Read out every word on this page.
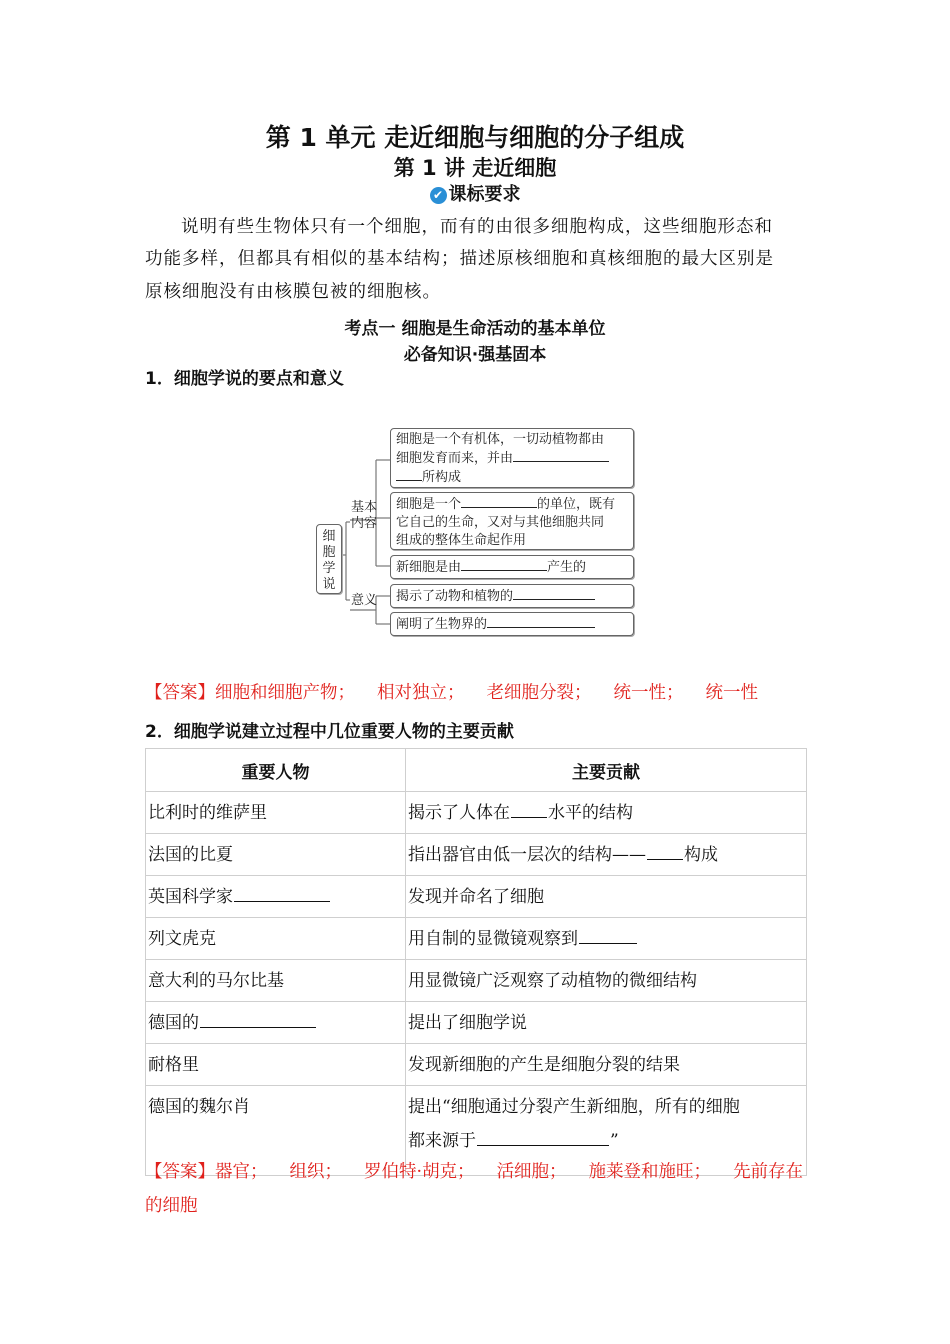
第 1 单元 走近细胞与细胞的分子组成
第 1 讲 走近细胞
✔ 课标要求
说明有些生物体只有一个细胞，而有的由很多细胞构成，这些细胞形态和
功能多样，但都具有相似的基本结构；描述原核细胞和真核细胞的最大区别是
原核细胞没有由核膜包被的细胞核。
考点一 细胞是生命活动的基本单位
必备知识·强基固本
1．细胞学说的要点和意义
细胞学说
基本内容
意义
细胞是一个有机体，一切动植物都由
细胞发育而来，并由
所构成
细胞是一个	的单位，既有
它自己的生命，又对与其他细胞共同
组成的整体生命起作用
新细胞是由	产生的
揭示了动物和植物的
阐明了生物界的
【答案】细胞和细胞产物； 相对独立； 老细胞分裂； 统一性； 统一性
2．细胞学说建立过程中几位重要人物的主要贡献
重要人物	主要贡献
比利时的维萨里	揭示了人体在 水平的结构
法国的比夏	指出器官由低一层次的结构—— 构成
英国科学家	发现并命名了细胞
列文虎克	用自制的显微镜观察到
意大利的马尔比基	用显微镜广泛观察了动植物的微细结构
德国的	提出了细胞学说
耐格里	发现新细胞的产生是细胞分裂的结果
德国的魏尔肖	提出“细胞通过分裂产生新细胞，所有的细胞
都来源于 ”
【答案】器官； 组织； 罗伯特·胡克； 活细胞； 施莱登和施旺； 先前存在
的细胞
